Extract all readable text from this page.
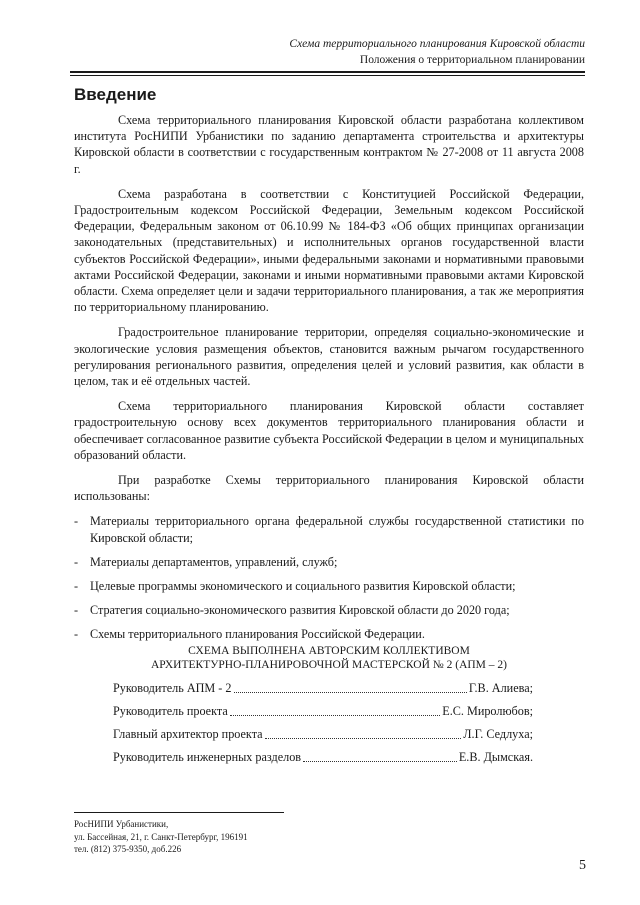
Схема территориального планирования Кировской области
Положения о территориальном планировании
Введение

Схема территориального планирования Кировской области разработана коллективом института РосНИПИ Урбанистики по заданию департамента строительства и архитектуры Кировской области в соответствии с государственным контрактом № 27-2008 от 11 августа 2008 г.

Схема разработана в соответствии с Конституцией Российской Федерации, Градостроительным кодексом Российской Федерации, Земельным кодексом Российской Федерации, Федеральным законом от 06.10.99 № 184-ФЗ «Об общих принципах организации законодательных (представительных) и исполнительных органов государственной власти субъектов Российской Федерации», иными федеральными законами и нормативными правовыми актами Российской Федерации, законами и иными нормативными правовыми актами Кировской области. Схема определяет цели и задачи территориального планирования, а так же мероприятия по территориальному планированию.

Градостроительное планирование территории, определяя социально-экономические и экологические условия размещения объектов, становится важным рычагом государственного регулирования регионального развития, определения целей и условий развития, как области в целом, так и её отдельных частей.

Схема территориального планирования Кировской области составляет градостроительную основу всех документов территориального планирования области и обеспечивает согласованное развитие субъекта Российской Федерации в целом и муниципальных образований области.

При разработке Схемы территориального планирования Кировской области использованы:

- Материалы территориального органа федеральной службы государственной статистики по Кировской области;
- Материалы департаментов, управлений, служб;
- Целевые программы экономического и социального развития Кировской области;
- Стратегия социально-экономического развития Кировской области до 2020 года;
- Схемы территориального планирования Российской Федерации.
СХЕМА ВЫПОЛНЕНА АВТОРСКИМ КОЛЛЕКТИВОМ
АРХИТЕКТУРНО-ПЛАНИРОВОЧНОЙ МАСТЕРСКОЙ № 2 (АПМ – 2)
Руководитель АПМ - 2	Г.В. Алиева;
Руководитель проекта	Е.С. Миролюбов;
Главный архитектор проекта	Л.Г. Седлуха;
Руководитель инженерных разделов	Е.В. Дымская.
РосНИПИ Урбанистики,
ул. Бассейная, 21, г. Санкт-Петербург, 196191
тел. (812) 375-9350, доб.226
5
